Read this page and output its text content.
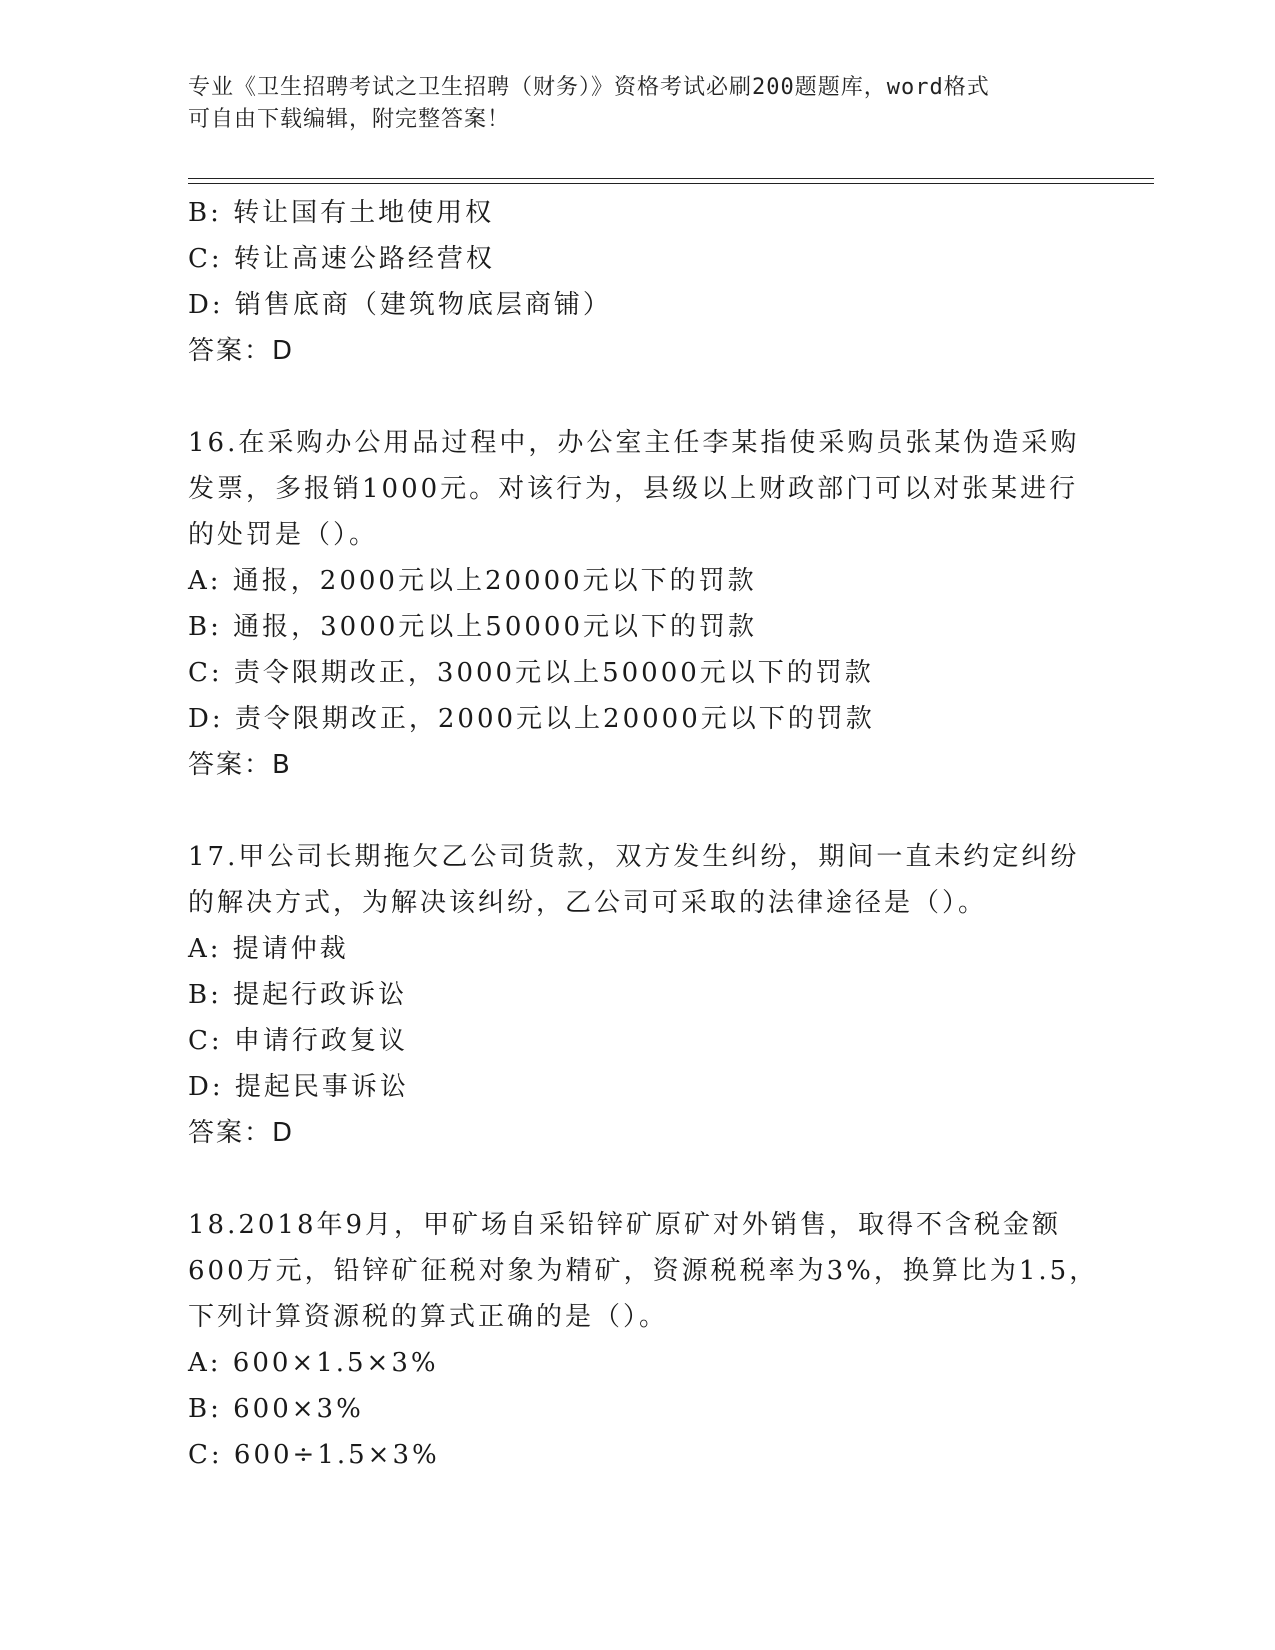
专业《卫生招聘考试之卫生招聘（财务）》资格考试必刷200题题库，word格式
可自由下载编辑，附完整答案！
B: 转让国有土地使用权
C: 转让高速公路经营权
D: 销售底商（建筑物底层商铺）
答案：D
16.在采购办公用品过程中，办公室主任李某指使采购员张某伪造采购
发票，多报销1000元。对该行为，县级以上财政部门可以对张某进行
的处罚是（）。
A: 通报，2000元以上20000元以下的罚款
B: 通报，3000元以上50000元以下的罚款
C: 责令限期改正，3000元以上50000元以下的罚款
D: 责令限期改正，2000元以上20000元以下的罚款
答案：B
17.甲公司长期拖欠乙公司货款，双方发生纠纷，期间一直未约定纠纷
的解决方式，为解决该纠纷，乙公司可采取的法律途径是（）。
A: 提请仲裁
B: 提起行政诉讼
C: 申请行政复议
D: 提起民事诉讼
答案：D
18.2018年9月，甲矿场自采铅锌矿原矿对外销售，取得不含税金额
600万元，铅锌矿征税对象为精矿，资源税税率为3%，换算比为1.5，
下列计算资源税的算式正确的是（）。
A: 600×1.5×3%
B: 600×3%
C: 600÷1.5×3%
